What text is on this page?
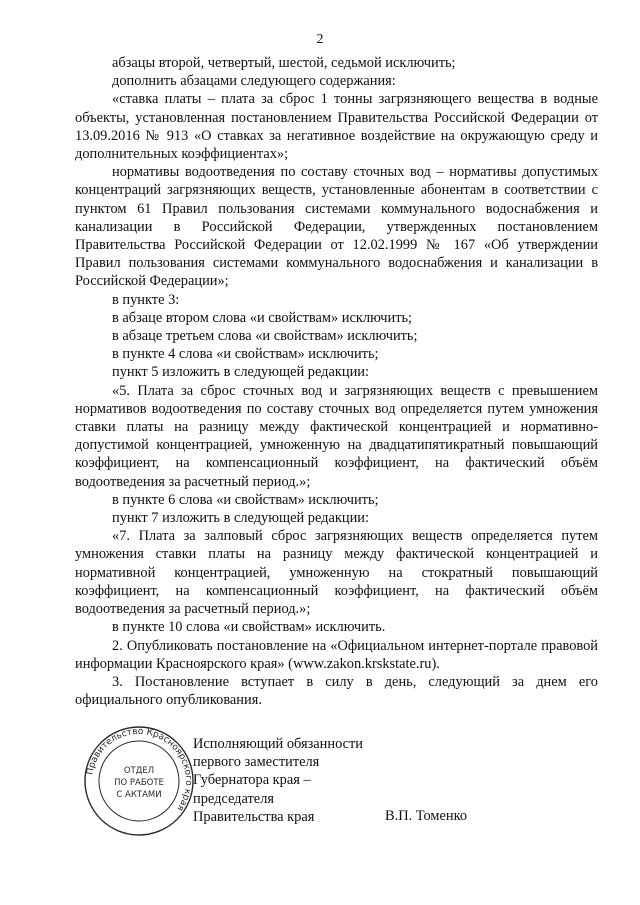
2

абзацы второй, четвертый, шестой, седьмой исключить;

дополнить абзацами следующего содержания:

«ставка платы – плата за сброс 1 тонны загрязняющего вещества в водные объекты, установленная постановлением Правительства Российской Федерации от 13.09.2016 № 913 «О ставках за негативное воздействие на окружающую среду и дополнительных коэффициентах»;

нормативы водоотведения по составу сточных вод – нормативы допустимых концентраций загрязняющих веществ, установленные абонентам в соответствии с пунктом 61 Правил пользования системами коммунального водоснабжения и канализации в Российской Федерации, утвержденных постановлением Правительства Российской Федерации от 12.02.1999 № 167 «Об утверждении Правил пользования системами коммунального водоснабжения и канализации в Российской Федерации»;

в пункте 3:

в абзаце втором слова «и свойствам» исключить;

в абзаце третьем слова «и свойствам» исключить;

в пункте 4 слова «и свойствам» исключить;

пункт 5 изложить в следующей редакции:

«5. Плата за сброс сточных вод и загрязняющих веществ с превышением нормативов водоотведения по составу сточных вод определяется путем умножения ставки платы на разницу между фактической концентрацией и нормативно-допустимой концентрацией, умноженную на двадцатипятикратный повышающий коэффициент, на компенсационный коэффициент, на фактический объём водоотведения за расчетный период.»;

в пункте 6 слова «и свойствам» исключить;

пункт 7 изложить в следующей редакции:

«7. Плата за залповый сброс загрязняющих веществ определяется путем умножения ставки платы на разницу между фактической концентрацией и нормативной концентрацией, умноженную на стократный повышающий коэффициент, на компенсационный коэффициент, на фактический объём водоотведения за расчетный период.»;

в пункте 10 слова «и свойствам» исключить.

2. Опубликовать постановление на «Официальном интернет-портале правовой информации Красноярского края» (www.zakon.krskstate.ru).

3. Постановление вступает в силу в день, следующий за днем его официального опубликования.

Правительство Красноярского края
ОТДЕЛ
ПО РАБОТЕ
С АКТАМИ
Исполняющий обязанности
первого заместителя
Губернатора края –
председателя
Правительства края	В.П. Томенко
